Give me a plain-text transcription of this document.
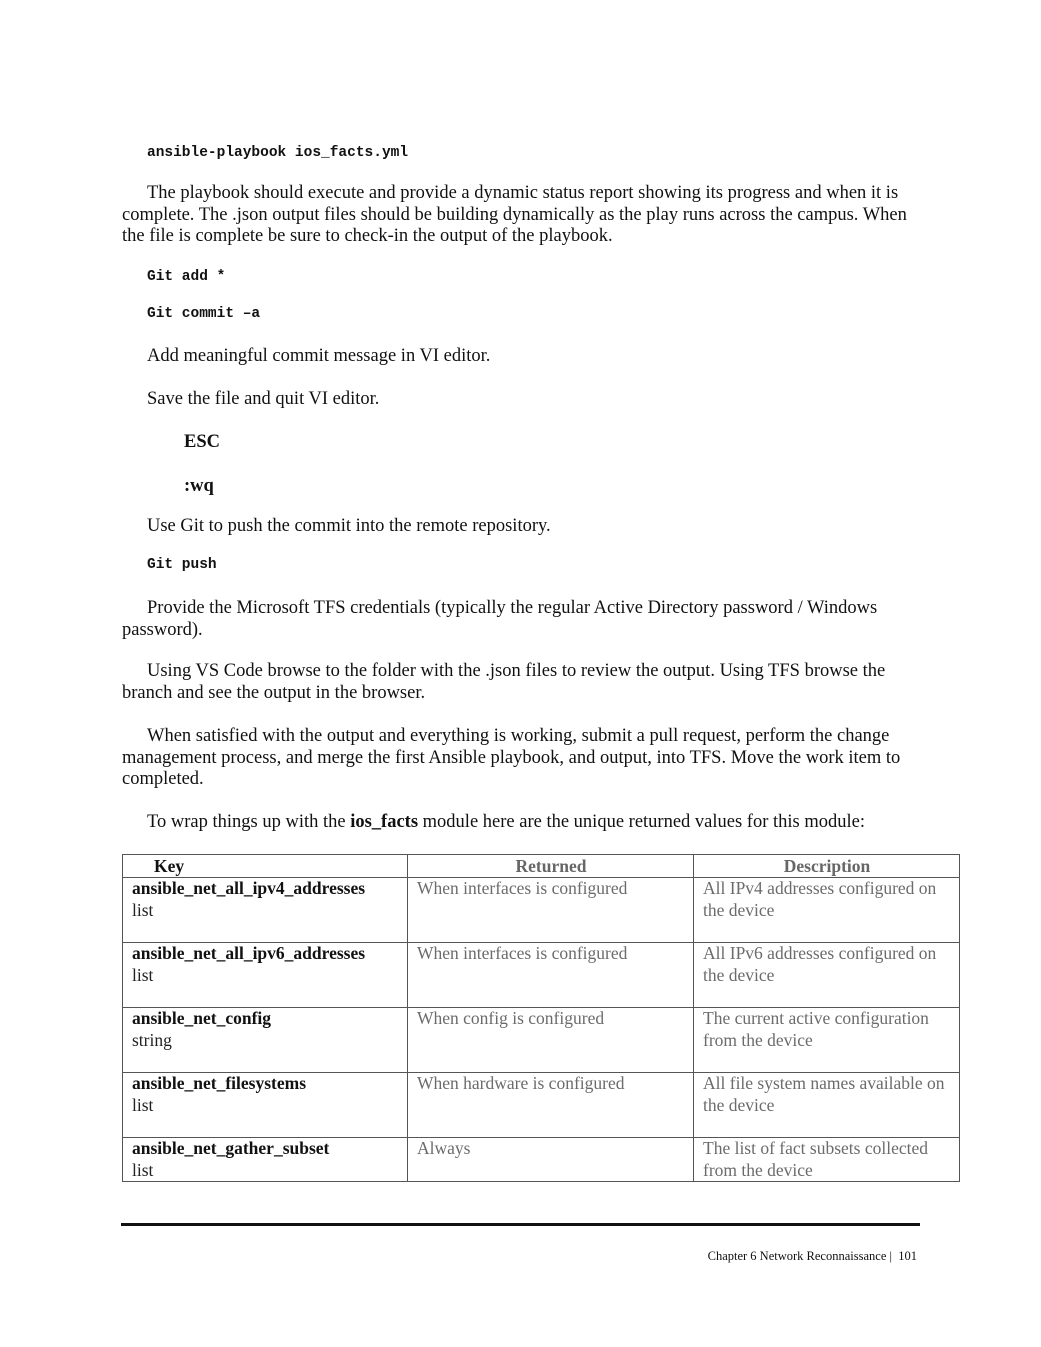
ansible-playbook ios_facts.yml

The playbook should execute and provide a dynamic status report showing its progress and when it is complete. The .json output files should be building dynamically as the play runs across the campus. When the file is complete be sure to check-in the output of the playbook.

Git add *
Git commit –a
Add meaningful commit message in VI editor.
Save the file and quit VI editor.
ESC
:wq
Use Git to push the commit into the remote repository.
Git push

Provide the Microsoft TFS credentials (typically the regular Active Directory password / Windows password).

Using VS Code browse to the folder with the .json files to review the output. Using TFS browse the branch and see the output in the browser.

When satisfied with the output and everything is working, submit a pull request, perform the change management process, and merge the first Ansible playbook, and output, into TFS. Move the work item to completed.

To wrap things up with the ios_facts module here are the unique returned values for this module:
Key	Returned	Description

ansible_net_all_ipv4_addresses
list	When interfaces is configured	All IPv4 addresses configured on the device

ansible_net_all_ipv6_addresses
list	When interfaces is configured	All IPv6 addresses configured on the device

ansible_net_config
string	When config is configured	The current active configuration from the device

ansible_net_filesystems
list	When hardware is configured	All file system names available on the device

ansible_net_gather_subset
list	Always	The list of fact subsets collected from the device
Chapter 6 Network Reconnaissance | 101
